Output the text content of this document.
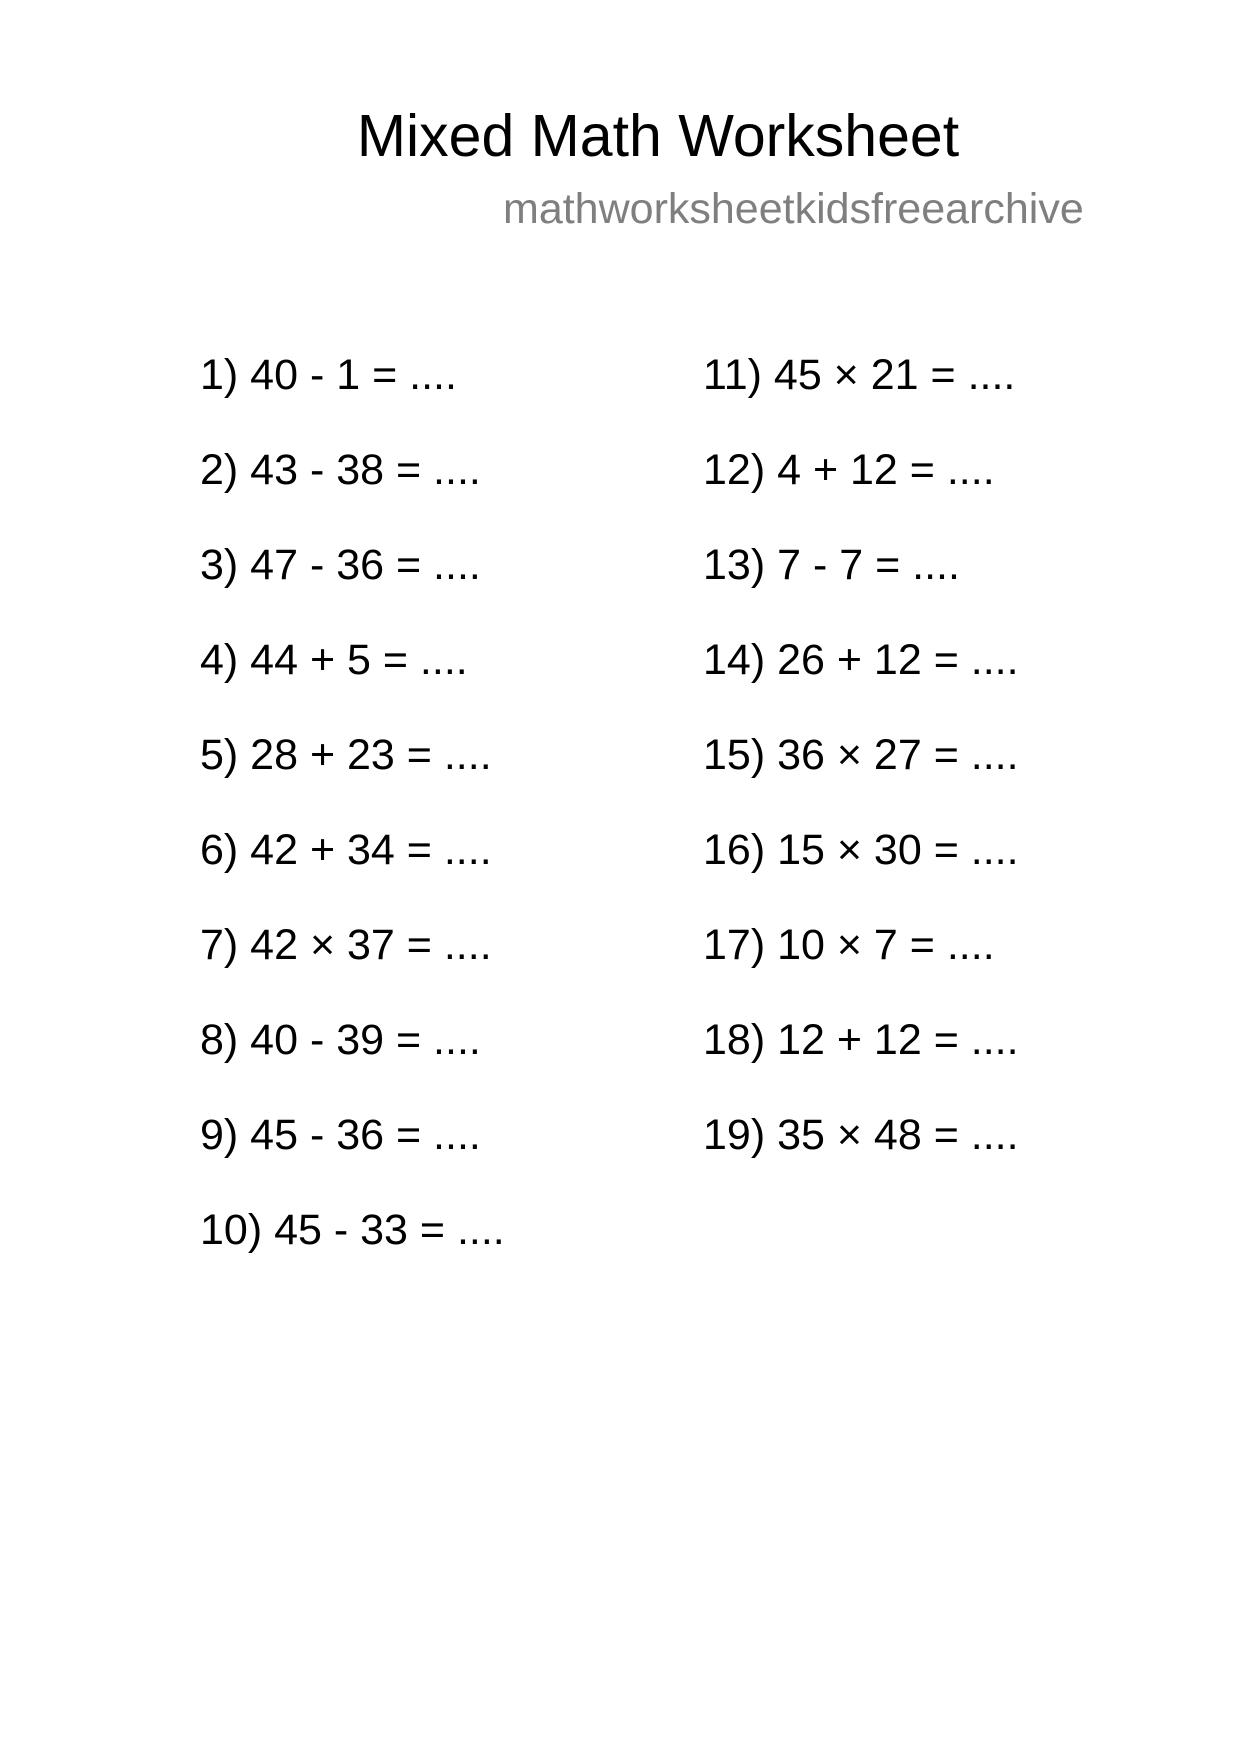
Mixed Math Worksheet
mathworksheetkidsfreearchive
1) 40 - 1 = ....
2) 43 - 38 = ....
3) 47 - 36 = ....
4) 44 + 5 = ....
5) 28 + 23 = ....
6) 42 + 34 = ....
7) 42 × 37 = ....
8) 40 - 39 = ....
9) 45 - 36 = ....
10) 45 - 33 = ....
11) 45 × 21 = ....
12) 4 + 12 = ....
13) 7 - 7 = ....
14) 26 + 12 = ....
15) 36 × 27 = ....
16) 15 × 30 = ....
17) 10 × 7 = ....
18) 12 + 12 = ....
19) 35 × 48 = ....
